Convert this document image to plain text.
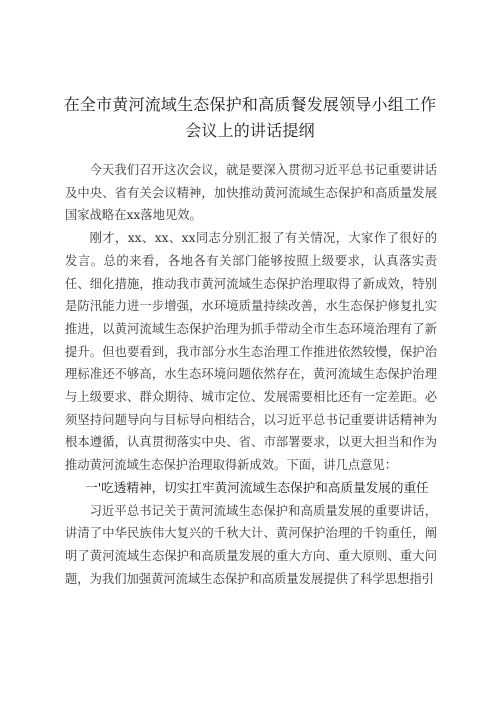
在全市黄河流域生态保护和高质餐发展领导小组工作会议上的讲话提纲

今天我们召开这次会议，就是要深入贯彻习近平总书记重要讲话及中央、省有关会议精神，加快推动黄河流域生态保护和高质量发展国家战略在xx落地见效。

刚才，xx、xx、xx同志分别汇报了有关情况，大家作了很好的发言。总的来看，各地各有关部门能够按照上级要求，认真落实责任、细化措施，推动我市黄河流域生态保护治理取得了新成效，特别是防汛能力进一步增强，水环境质量持续改善，水生态保护修复扎实推进，以黄河流域生态保护治理为抓手带动全市生态环境治理有了新提升。但也要看到，我市部分水生态治理工作推进依然较慢，保护治理标准还不够高，水生态环境问题依然存在，黄河流域生态保护治理与上级要求、群众期待、城市定位、发展需要相比还有一定差距。必须坚持问题导向与目标导向相结合，以习近平总书记重要讲话精神为根本遵循，认真贯彻落实中央、省、市部署要求，以更大担当和作为推动黄河流域生态保护治理取得新成效。下面，讲几点意见：

一'吃透精神，切实扛牢黄河流域生态保护和高质量发展的重任

习近平总书记关于黄河流域生态保护和高质量发展的重要讲话，讲清了中华民族伟大复兴的千秋大计、黄河保护治理的千钧重任，阐明了黄河流域生态保护和高质量发展的重大方向、重大原则、重大问题，为我们加强黄河流域生态保护和高质量发展提供了科学思想指引
